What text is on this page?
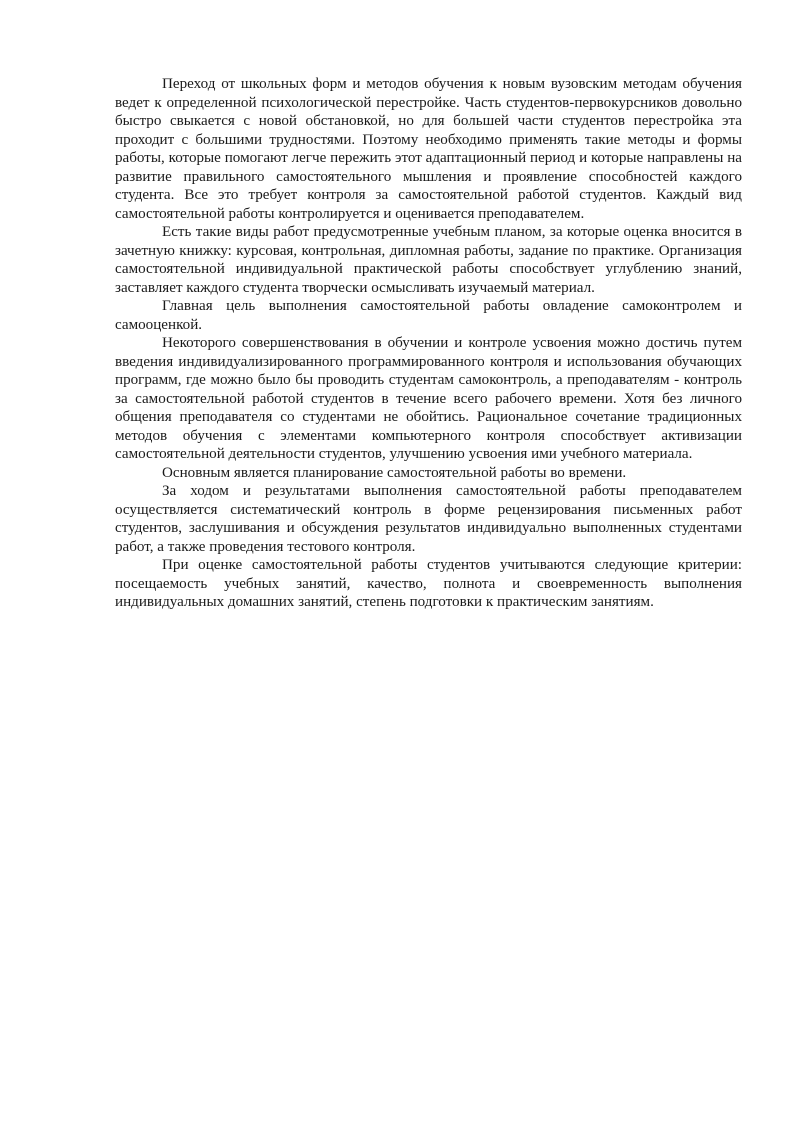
Переход от школьных форм и методов обучения к новым вузовским методам обучения ведет к определенной психологической перестройке. Часть студентов-первокурсников довольно быстро свыкается с новой обстановкой, но для большей части студентов перестройка эта проходит с большими трудностями. Поэтому необходимо применять такие методы и формы работы, которые помогают легче пережить этот адаптационный период и которые направлены на развитие правильного самостоятельного мышления и проявление способностей каждого студента. Все это требует контроля за самостоятельной работой студентов. Каждый вид самостоятельной работы контролируется и оценивается преподавателем.

Есть такие виды работ предусмотренные учебным планом, за которые оценка вносится в зачетную книжку: курсовая, контрольная, дипломная работы, задание по практике. Организация самостоятельной индивидуальной практической работы способствует углублению знаний, заставляет каждого студента творчески осмысливать изучаемый материал.

Главная цель выполнения самостоятельной работы овладение самоконтролем и самооценкой.

Некоторого совершенствования в обучении и контроле усвоения можно достичь путем введения индивидуализированного программированного контроля и использования обучающих программ, где можно было бы проводить студентам самоконтроль, а преподавателям - контроль за самостоятельной работой студентов в течение всего рабочего времени. Хотя без личного общения преподавателя со студентами не обойтись. Рациональное сочетание традиционных методов обучения с элементами компьютерного контроля способствует активизации самостоятельной деятельности студентов, улучшению усвоения ими учебного материала.

Основным является планирование самостоятельной работы во времени.

За ходом и результатами выполнения самостоятельной работы преподавателем осуществляется систематический контроль в форме рецензирования письменных работ студентов, заслушивания и обсуждения результатов индивидуально выполненных студентами работ, а также проведения тестового контроля.

При оценке самостоятельной работы студентов учитываются следующие критерии: посещаемость учебных занятий, качество, полнота и своевременность выполнения индивидуальных домашних занятий, степень подготовки к практическим занятиям.
